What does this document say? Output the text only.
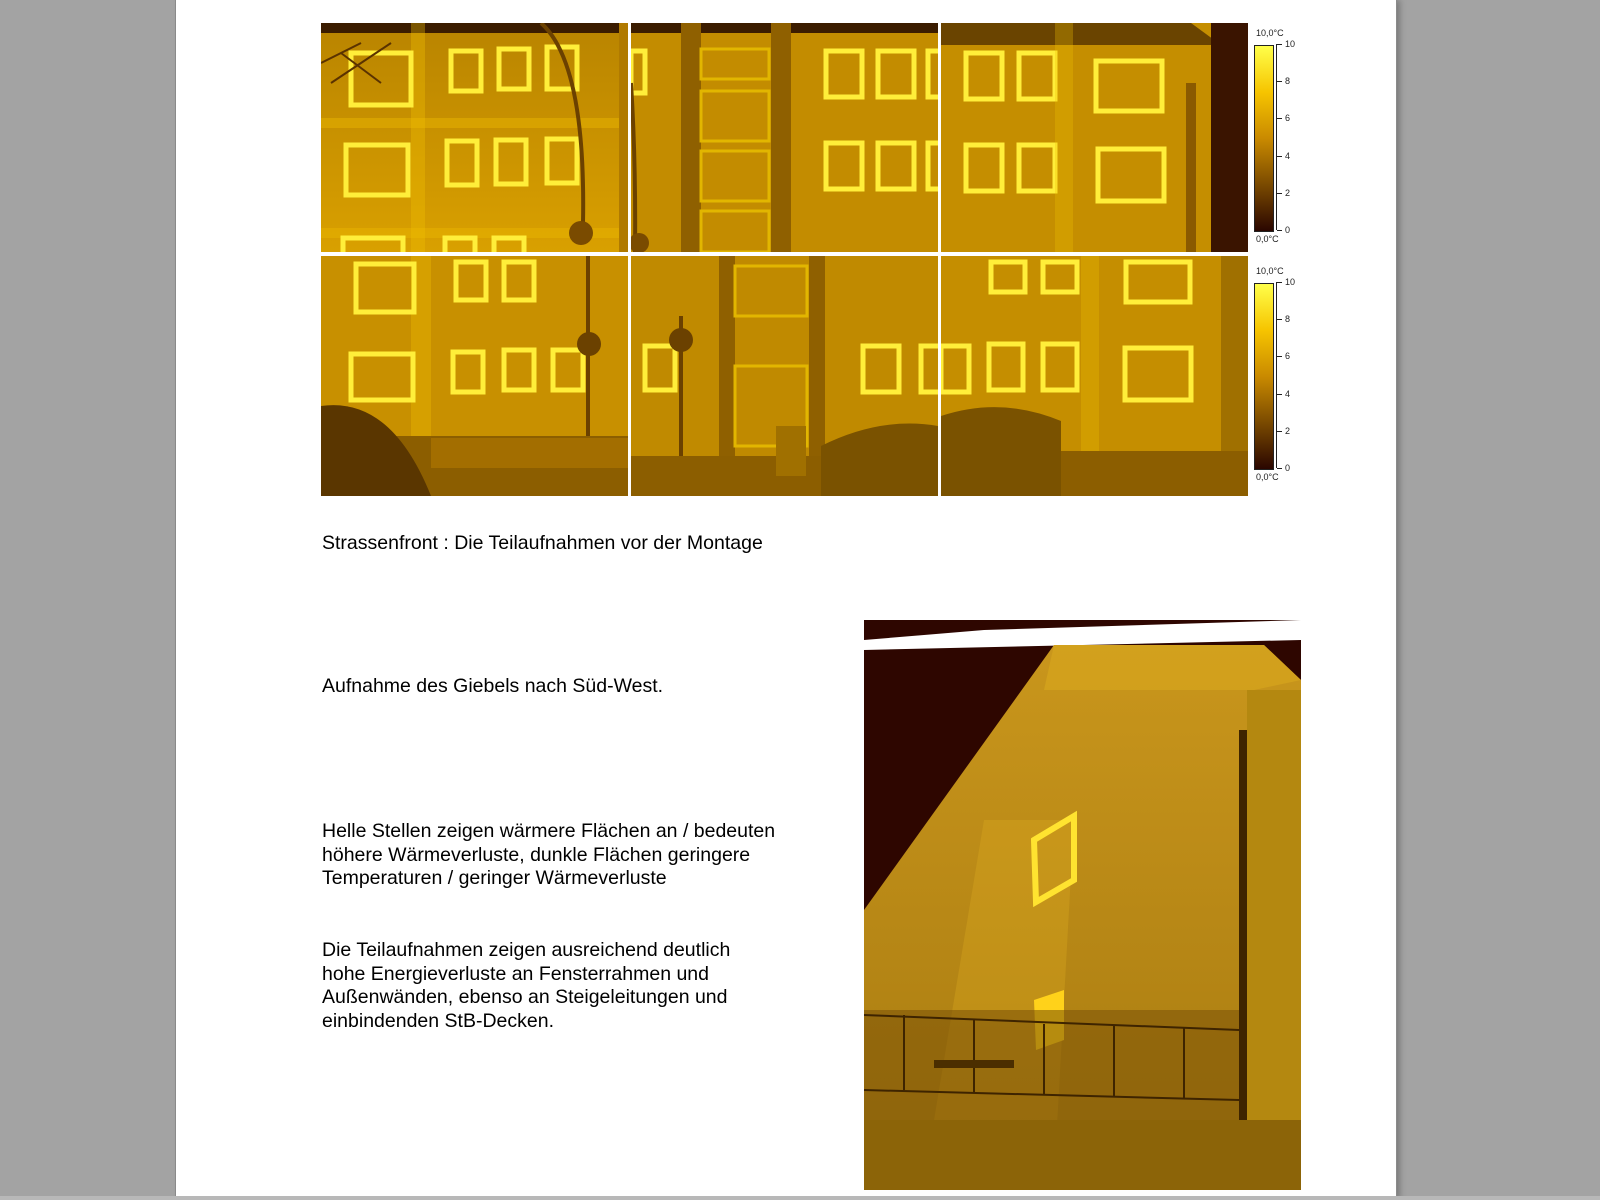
10,0°C
10
8
6
4
2
0
0,0°C
10,0°C
10
8
6
4
2
0
0,0°C
Strassenfront : Die Teilaufnahmen vor der Montage
Aufnahme des Giebels nach Süd-West.
Helle Stellen zeigen wärmere Flächen an / bedeuten höhere Wärmeverluste, dunkle Flächen geringere Temperaturen / geringer Wärmeverluste
Die Teilaufnahmen zeigen ausreichend deutlich hohe Energieverluste an Fensterrahmen und Außenwänden, ebenso an Steigeleitungen und einbindenden StB-Decken.
